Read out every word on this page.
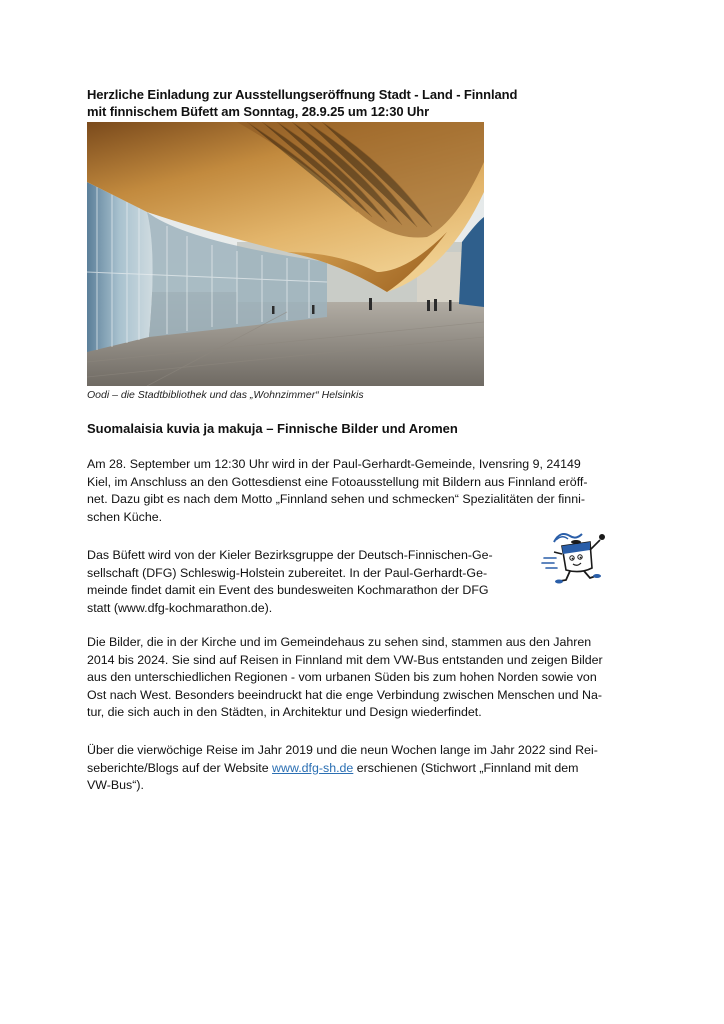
Herzliche Einladung zur Ausstellungseröffnung Stadt - Land - Finnland
mit finnischem Büfett am Sonntag, 28.9.25 um 12:30 Uhr
Oodi – die Stadtbibliothek und das „Wohnzimmer“ Helsinkis
Suomalaisia kuvia ja makuja – Finnische Bilder und Aromen

Am 28. September um 12:30 Uhr wird in der Paul-Gerhardt-Gemeinde, Ivensring 9, 24149
Kiel, im Anschluss an den Gottesdienst eine Fotoausstellung mit Bildern aus Finnland eröff-
net. Dazu gibt es nach dem Motto „Finnland sehen und schmecken“ Spezialitäten der finni-
schen Küche.

Das Büfett wird von der Kieler Bezirksgruppe der Deutsch-Finnischen-Ge-
sellschaft (DFG) Schleswig-Holstein zubereitet. In der Paul-Gerhardt-Ge-
meinde findet damit ein Event des bundesweiten Kochmarathon der DFG
statt (www.dfg-kochmarathon.de).

Die Bilder, die in der Kirche und im Gemeindehaus zu sehen sind, stammen aus den Jahren
2014 bis 2024. Sie sind auf Reisen in Finnland mit dem VW-Bus entstanden und zeigen Bilder
aus den unterschiedlichen Regionen - vom urbanen Süden bis zum hohen Norden sowie von
Ost nach West. Besonders beeindruckt hat die enge Verbindung zwischen Menschen und Na-
tur, die sich auch in den Städten, in Architektur und Design wiederfindet.

Über die vierwöchige Reise im Jahr 2019 und die neun Wochen lange im Jahr 2022 sind Rei-
seberichte/Blogs auf der Website www.dfg-sh.de erschienen (Stichwort „Finnland mit dem
VW-Bus“).
